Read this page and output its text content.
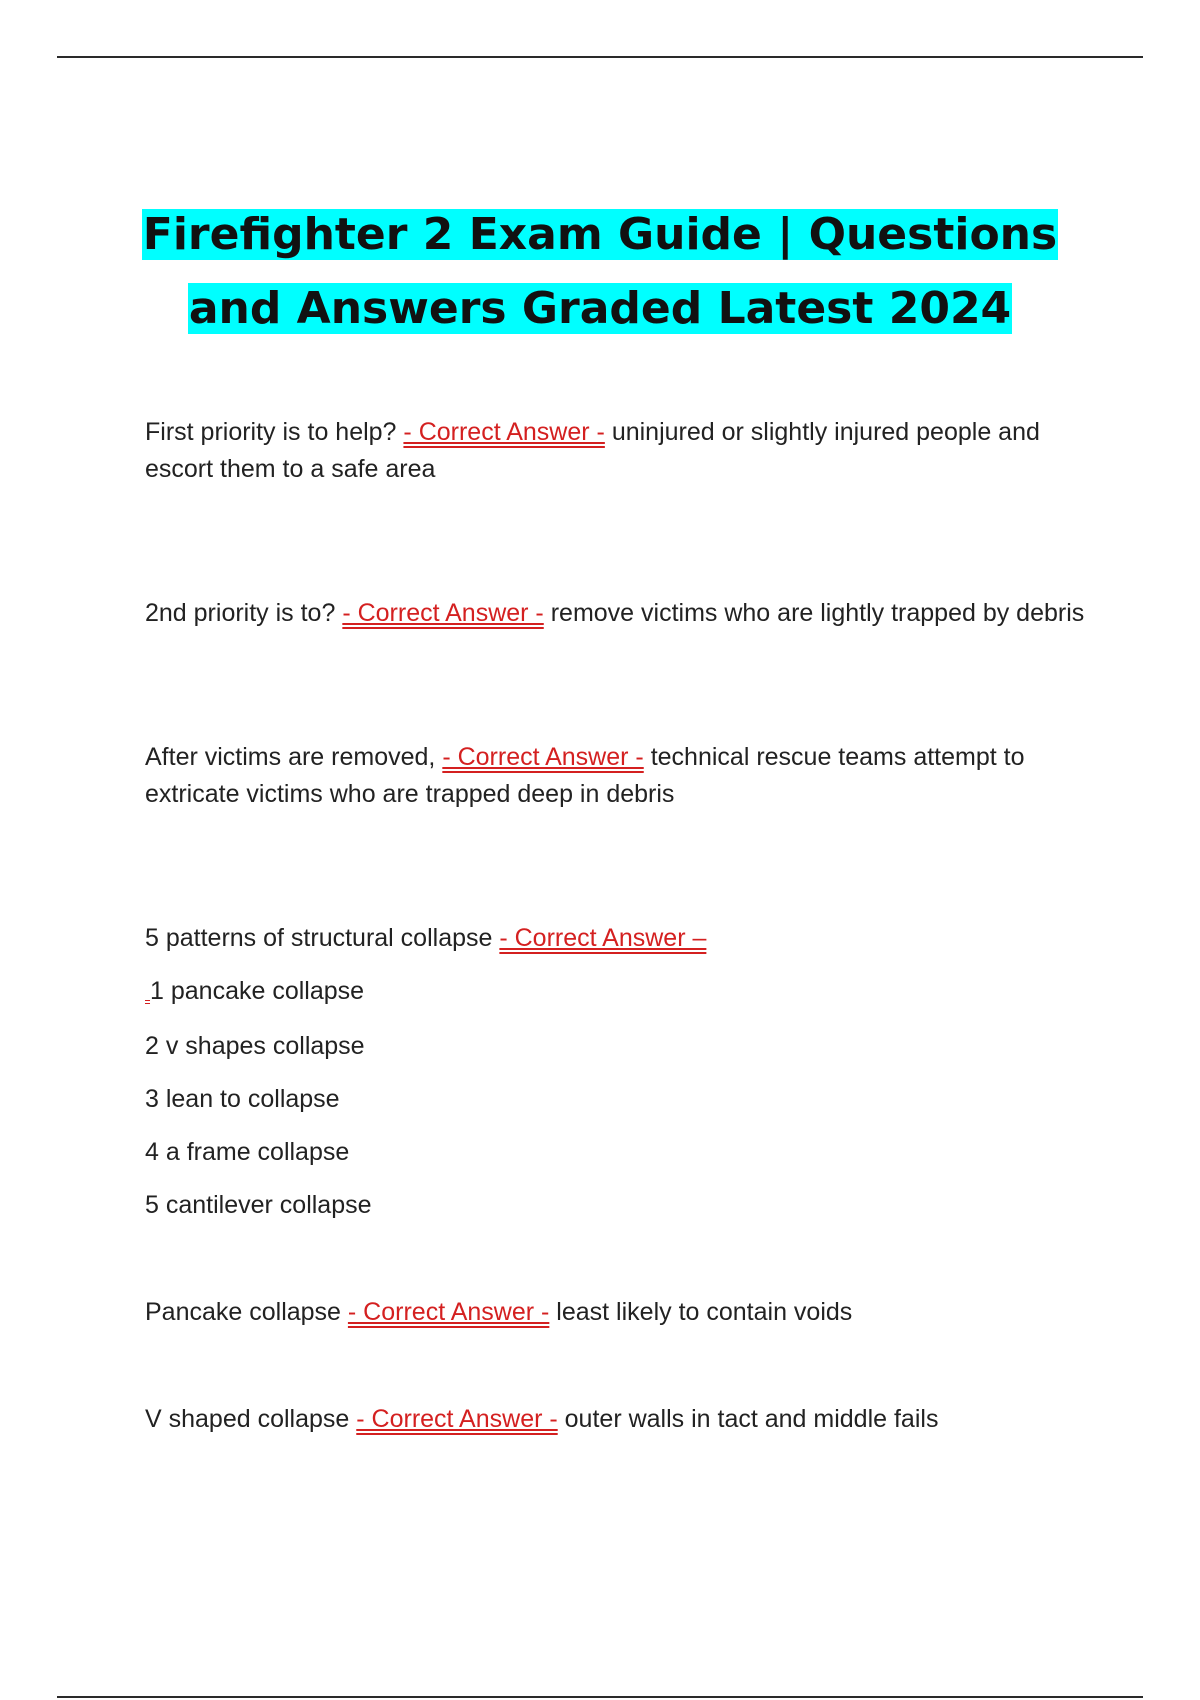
Firefighter 2 Exam Guide | Questions
and Answers Graded Latest 2024

First priority is to help? - Correct Answer - uninjured or slightly injured people and escort them to a safe area

2nd priority is to? - Correct Answer - remove victims who are lightly trapped by debris

After victims are removed, - Correct Answer - technical rescue teams attempt to extricate victims who are trapped deep in debris

5 patterns of structural collapse - Correct Answer –

1 pancake collapse
2 v shapes collapse
3 lean to collapse
4 a frame collapse
5 cantilever collapse

Pancake collapse - Correct Answer - least likely to contain voids

V shaped collapse - Correct Answer - outer walls in tact and middle fails
